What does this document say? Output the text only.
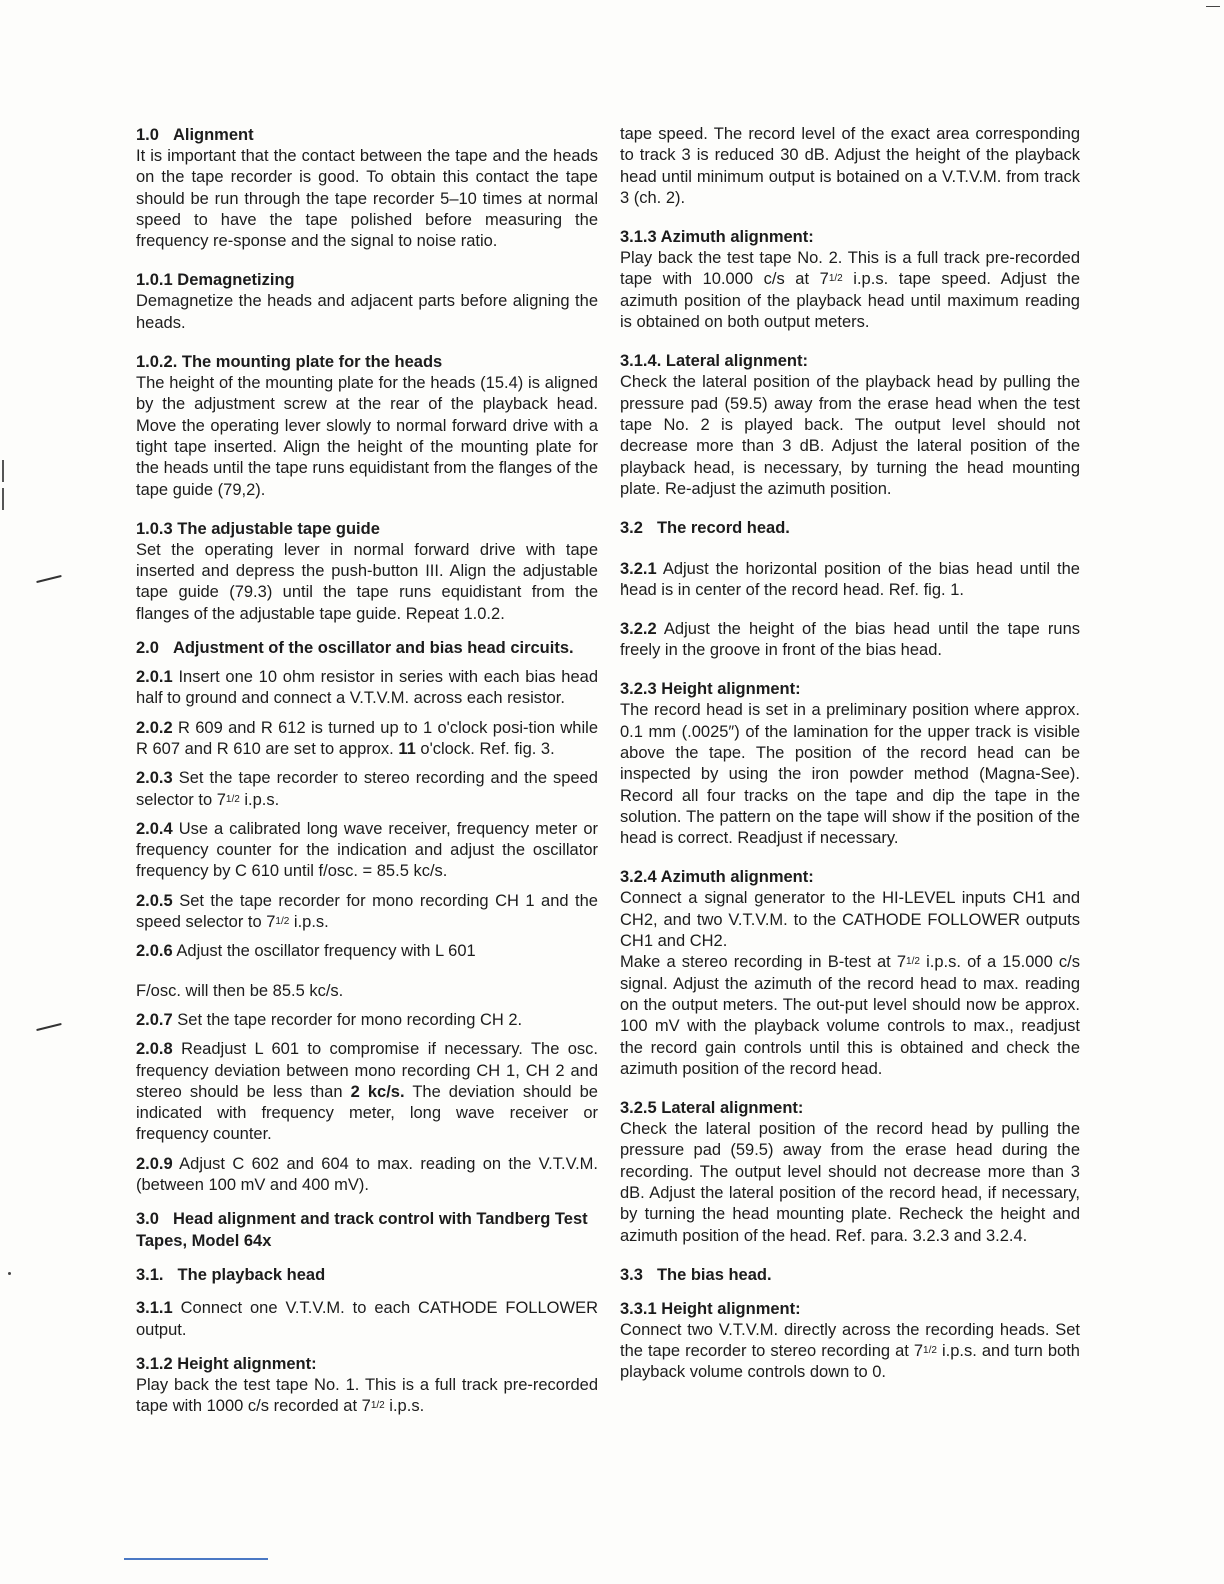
1.0 Alignment
It is important that the contact between the tape and the heads on the tape recorder is good. To obtain this contact the tape should be run through the tape recorder 5–10 times at normal speed to have the tape polished before measuring the frequency re-sponse and the signal to noise ratio.
1.0.1 Demagnetizing
Demagnetize the heads and adjacent parts before aligning the heads.
1.0.2. The mounting plate for the heads
The height of the mounting plate for the heads (15.4) is aligned by the adjustment screw at the rear of the playback head. Move the operating lever slowly to normal forward drive with a tight tape inserted. Align the height of the mounting plate for the heads until the tape runs equidistant from the flanges of the tape guide (79,2).
1.0.3 The adjustable tape guide
Set the operating lever in normal forward drive with tape inserted and depress the push-button III. Align the adjustable tape guide (79.3) until the tape runs equidistant from the flanges of the adjustable tape guide. Repeat 1.0.2.
2.0 Adjustment of the oscillator and bias head circuits.
2.0.1 Insert one 10 ohm resistor in series with each bias head half to ground and connect a V.T.V.M. across each resistor.
2.0.2 R 609 and R 612 is turned up to 1 o'clock posi-tion while R 607 and R 610 are set to approx. 11 o'clock. Ref. fig. 3.
2.0.3 Set the tape recorder to stereo recording and the speed selector to $7^{1/2}$ i.p.s.
2.0.4 Use a calibrated long wave receiver, frequency meter or frequency counter for the indication and adjust the oscillator frequency by C 610 until f/osc. = 85.5 kc/s.
2.0.5 Set the tape recorder for mono recording CH 1 and the speed selector to $7^{1/2}$ i.p.s.
2.0.6 Adjust the oscillator frequency with L 601
F/osc. will then be 85.5 kc/s.
2.0.7 Set the tape recorder for mono recording CH 2.
2.0.8 Readjust L 601 to compromise if necessary. The osc. frequency deviation between mono recording CH 1, CH 2 and stereo should be less than 2 kc/s. The deviation should be indicated with frequency meter, long wave receiver or frequency counter.
2.0.9 Adjust C 602 and 604 to max. reading on the V.T.V.M. (between 100 mV and 400 mV).
3.0 Head alignment and track control with Tandberg Test Tapes, Model 64x
3.1. The playback head
3.1.1 Connect one V.T.V.M. to each CATHODE FOLLOWER output.
3.1.2 Height alignment:
Play back the test tape No. 1. This is a full track pre-recorded tape with 1000 c/s recorded at $7^{1/2}$ i.p.s.
tape speed. The record level of the exact area corresponding to track 3 is reduced 30 dB. Adjust the height of the playback head until minimum output is botained on a V.T.V.M. from track 3 (ch. 2).
3.1.3 Azimuth alignment:
Play back the test tape No. 2. This is a full track pre-recorded tape with 10.000 c/s at $7^{1/2}$ i.p.s. tape speed. Adjust the azimuth position of the playback head until maximum reading is obtained on both output meters.
3.1.4. Lateral alignment:
Check the lateral position of the playback head by pulling the pressure pad (59.5) away from the erase head when the test tape No. 2 is played back. The output level should not decrease more than 3 dB. Adjust the lateral position of the playback head, is necessary, by turning the head mounting plate. Re-adjust the azimuth position.
3.2 The record head.
3.2.1 Adjust the horizontal position of the bias head until the head is in center of the record head. Ref. fig. 1.
3.2.2 Adjust the height of the bias head until the tape runs freely in the groove in front of the bias head.
3.2.3 Height alignment:
The record head is set in a preliminary position where approx. 0.1 mm (.0025″) of the lamination for the upper track is visible above the tape. The position of the record head can be inspected by using the iron powder method (Magna-See). Record all four tracks on the tape and dip the tape in the solution. The pattern on the tape will show if the position of the head is correct. Readjust if necessary.
3.2.4 Azimuth alignment:
Connect a signal generator to the HI-LEVEL inputs CH1 and CH2, and two V.T.V.M. to the CATHODE FOLLOWER outputs CH1 and CH2.
Make a stereo recording in B-test at $7^{1/2}$ i.p.s. of a 15.000 c/s signal. Adjust the azimuth of the record head to max. reading on the output meters. The out-put level should now be approx. 100 mV with the playback volume controls to max., readjust the record gain controls until this is obtained and check the azimuth position of the record head.
3.2.5 Lateral alignment:
Check the lateral position of the record head by pulling the pressure pad (59.5) away from the erase head during the recording. The output level should not decrease more than 3 dB. Adjust the lateral position of the record head, if necessary, by turning the head mounting plate. Recheck the height and azimuth position of the head. Ref. para. 3.2.3 and 3.2.4.
3.3 The bias head.
3.3.1 Height alignment:
Connect two V.T.V.M. directly across the recording heads. Set the tape recorder to stereo recording at $7^{1/2}$ i.p.s. and turn both playback volume controls down to 0.
